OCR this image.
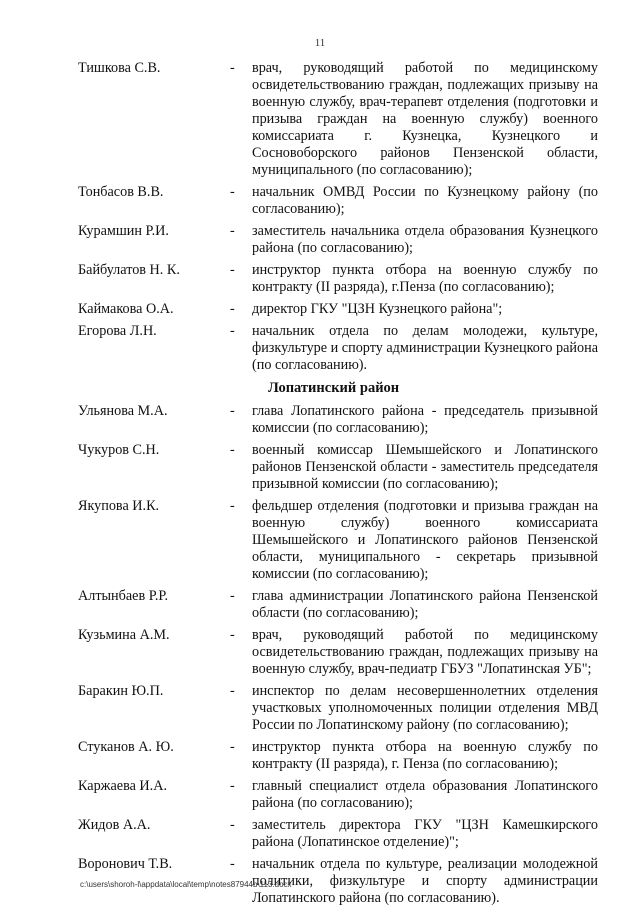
11
Тишкова С.В.	- врач, руководящий работой по медицинскому освидетельствованию граждан, подлежащих призыву на военную службу, врач-терапевт отделения (подготовки и призыва граждан на военную службу) военного комиссариата г. Кузнецка, Кузнецкого и Сосновоборского районов Пензенской области, муниципального (по согласованию);
Тонбасов В.В.	- начальник ОМВД России по Кузнецкому району (по согласованию);
Курамшин Р.И.	- заместитель начальника отдела образования Кузнецкого района (по согласованию);
Байбулатов Н. К.	- инструктор пункта отбора на военную службу по контракту (II разряда), г.Пенза (по согласованию);
Каймакова О.А.	- директор ГКУ "ЦЗН Кузнецкого района";
Егорова Л.Н.	- начальник отдела по делам молодежи, культуре, физкультуре и спорту администрации Кузнецкого района (по согласованию).
Лопатинский район
Ульянова М.А.	- глава Лопатинского района - председатель призывной комиссии (по согласованию);
Чукуров С.Н.	- военный комиссар Шемышейского и Лопатинского районов Пензенской области - заместитель председателя призывной комиссии (по согласованию);
Якупова И.К.	- фельдшер отделения (подготовки и призыва граждан на военную службу) военного комиссариата Шемышейского и Лопатинского районов Пензенской области, муниципального - секретарь призывной комиссии (по согласованию);
Алтынбаев Р.Р.	- глава администрации Лопатинского района Пензенской области (по согласованию);
Кузьмина А.М.	- врач, руководящий работой по медицинскому освидетельствованию граждан, подлежащих призыву на военную службу, врач-педиатр ГБУЗ "Лопатинская УБ";
Баракин Ю.П.	- инспектор по делам несовершеннолетних отделения участковых уполномоченных полиции отделения МВД России по Лопатинскому району (по согласованию);
Стуканов А. Ю.	- инструктор пункта отбора на военную службу по контракту (II разряда), г. Пенза (по согласованию);
Каржаева И.А.	- главный специалист отдела образования Лопатинского района (по согласованию);
Жидов А.А.	- заместитель директора ГКУ "ЦЗН Камешкирского района (Лопатинское отделение)";
Воронович Т.В.	- начальник отдела по культуре, реализации молодежной политики, физкультуре и спорту администрации Лопатинского района (по согласованию).
c:\users\shoroh-l\appdata\local\temp\notes87944b\113.docx
